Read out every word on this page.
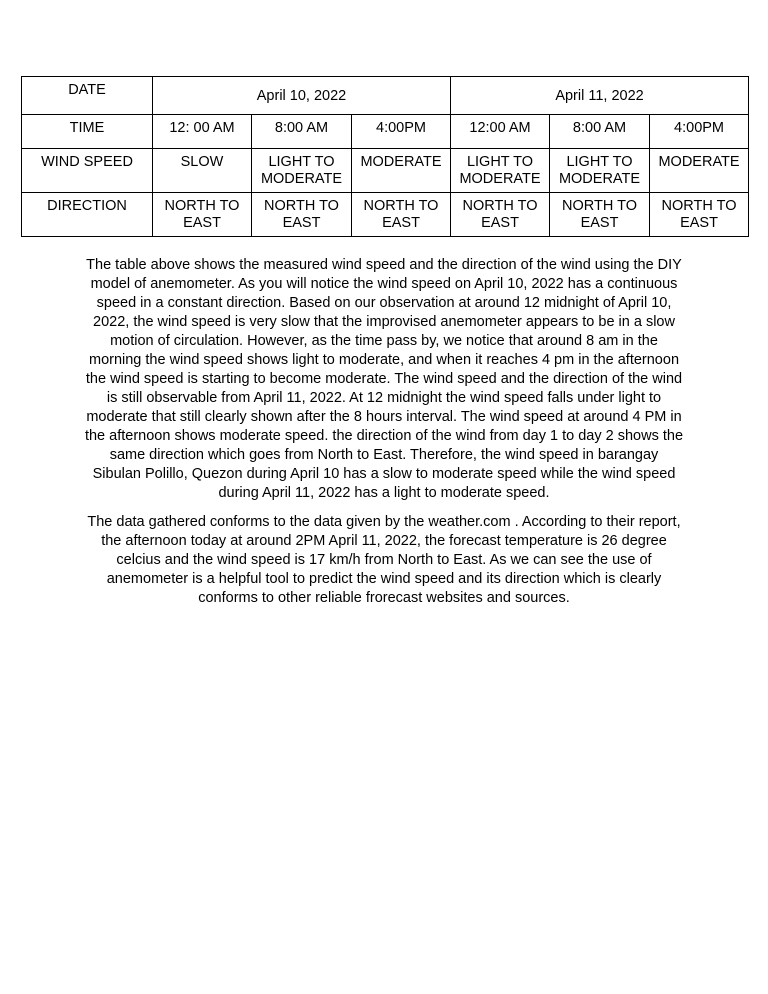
DATE	April 10, 2022			April 11, 2022		
TIME	12: 00 AM	8:00 AM	4:00PM	12:00 AM	8:00 AM	4:00PM
WIND SPEED	SLOW	LIGHT TO MODERATE	MODERATE	LIGHT TO MODERATE	LIGHT TO MODERATE	MODERATE
DIRECTION	NORTH TO EAST	NORTH TO EAST	NORTH TO EAST	NORTH TO EAST	NORTH TO EAST	NORTH TO EAST

The table above shows the measured wind speed and the direction of the wind using the DIY model of anemometer. As you will notice the wind speed on April 10, 2022 has a continuous speed in a constant direction. Based on our observation at around 12 midnight of April 10, 2022, the wind speed is very slow that the improvised anemometer appears to be in a slow motion of circulation. However, as the time pass by, we notice that around 8 am in the morning the wind speed shows light to moderate, and when it reaches 4 pm in the afternoon the wind speed is starting to become moderate. The wind speed and the direction of the wind is still observable from April 11, 2022. At 12 midnight the wind speed falls under light to moderate that still clearly shown after the 8 hours interval. The wind speed at around 4 PM in the afternoon shows moderate speed. the direction of the wind from day 1 to day 2 shows the same direction which goes from North to East. Therefore, the wind speed in barangay Sibulan Polillo, Quezon during April 10 has a slow to moderate speed while the wind speed during April 11, 2022 has a light to moderate speed.

The data gathered conforms to the data given by the weather.com . According to their report, the afternoon today at around 2PM April 11, 2022, the forecast temperature is 26 degree celcius and the wind speed is 17 km/h from North to East. As we can see the use of anemometer is a helpful tool to predict the wind speed and its direction which is clearly conforms to other reliable frorecast websites and sources.
